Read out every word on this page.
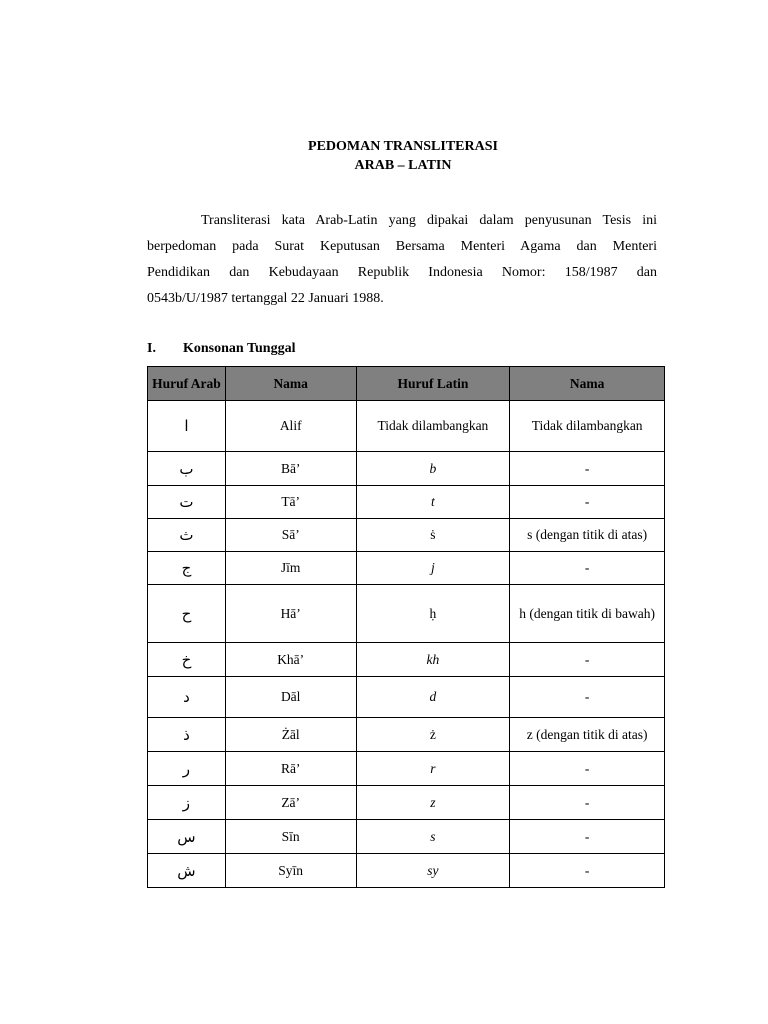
PEDOMAN TRANSLITERASI
ARAB – LATIN
Transliterasi kata Arab-Latin yang dipakai dalam penyusunan Tesis ini
berpedoman pada Surat Keputusan Bersama Menteri Agama dan Menteri
Pendidikan dan Kebudayaan Republik Indonesia Nomor: 158/1987 dan
0543b/U/1987 tertanggal 22 Januari 1988.
I. Konsonan Tunggal
Huruf Arab	Nama	Huruf Latin	Nama
ا	Alif	Tidak dilambangkan	Tidak dilambangkan
ب	Bā’	b	-
ت	Tā’	t	-
ث	Sā’	ṡ	s (dengan titik di atas)
ج	Jīm	j	-
ح	Hā’	ḥ	h (dengan titik di bawah)
خ	Khā’	kh	-
د	Dāl	d	-
ذ	Żāl	ż	z (dengan titik di atas)
ر	Rā’	r	-
ز	Zā’	z	-
س	Sīn	s	-
ش	Syīn	sy	-
